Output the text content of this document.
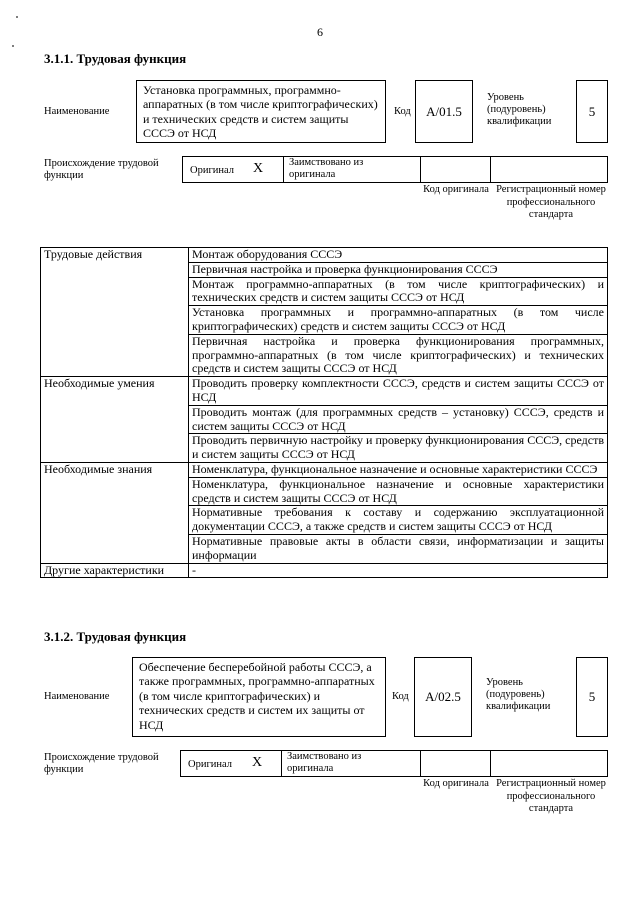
6
3.1.1. Трудовая функция
Наименование
Установка программных, программно-аппаратных (в том числе криптографических) и технических средств и систем защиты СССЭ от НСД
Код A/01.5
Уровень (подуровень) квалификации
5
Происхождение трудовой функции	Оригинал X Заимствовано из оригинала
Код оригинала Регистрационный номер профессионального стандарта
Трудовые действия	Монтаж оборудования СССЭ
	Первичная настройка и проверка функционирования СССЭ
	Монтаж программно-аппаратных (в том числе криптографических) и технических средств и систем защиты СССЭ от НСД
	Установка программных и программно-аппаратных (в том числе криптографических) средств и систем защиты СССЭ от НСД
	Первичная настройка и проверка функционирования программных, программно-аппаратных (в том числе криптографических) и технических средств и систем защиты СССЭ от НСД
Необходимые умения	Проводить проверку комплектности СССЭ, средств и систем защиты СССЭ от НСД
	Проводить монтаж (для программных средств – установку) СССЭ, средств и систем защиты СССЭ от НСД
	Проводить первичную настройку и проверку функционирования СССЭ, средств и систем защиты СССЭ от НСД
Необходимые знания	Номенклатура, функциональное назначение и основные характеристики СССЭ
	Номенклатура, функциональное назначение и основные характеристики средств и систем защиты СССЭ от НСД
	Нормативные требования к составу и содержанию эксплуатационной документации СССЭ, а также средств и систем защиты СССЭ от НСД
	Нормативные правовые акты в области связи, информатизации и защиты информации
Другие характеристики	-
3.1.2. Трудовая функция
Наименование
Обеспечение бесперебойной работы СССЭ, а также программных, программно-аппаратных (в том числе криптографических) и технических средств и систем их защиты от НСД
Код A/02.5
Уровень (подуровень) квалификации
5
Происхождение трудовой функции	Оригинал X Заимствовано из оригинала
Код оригинала Регистрационный номер профессионального стандарта
